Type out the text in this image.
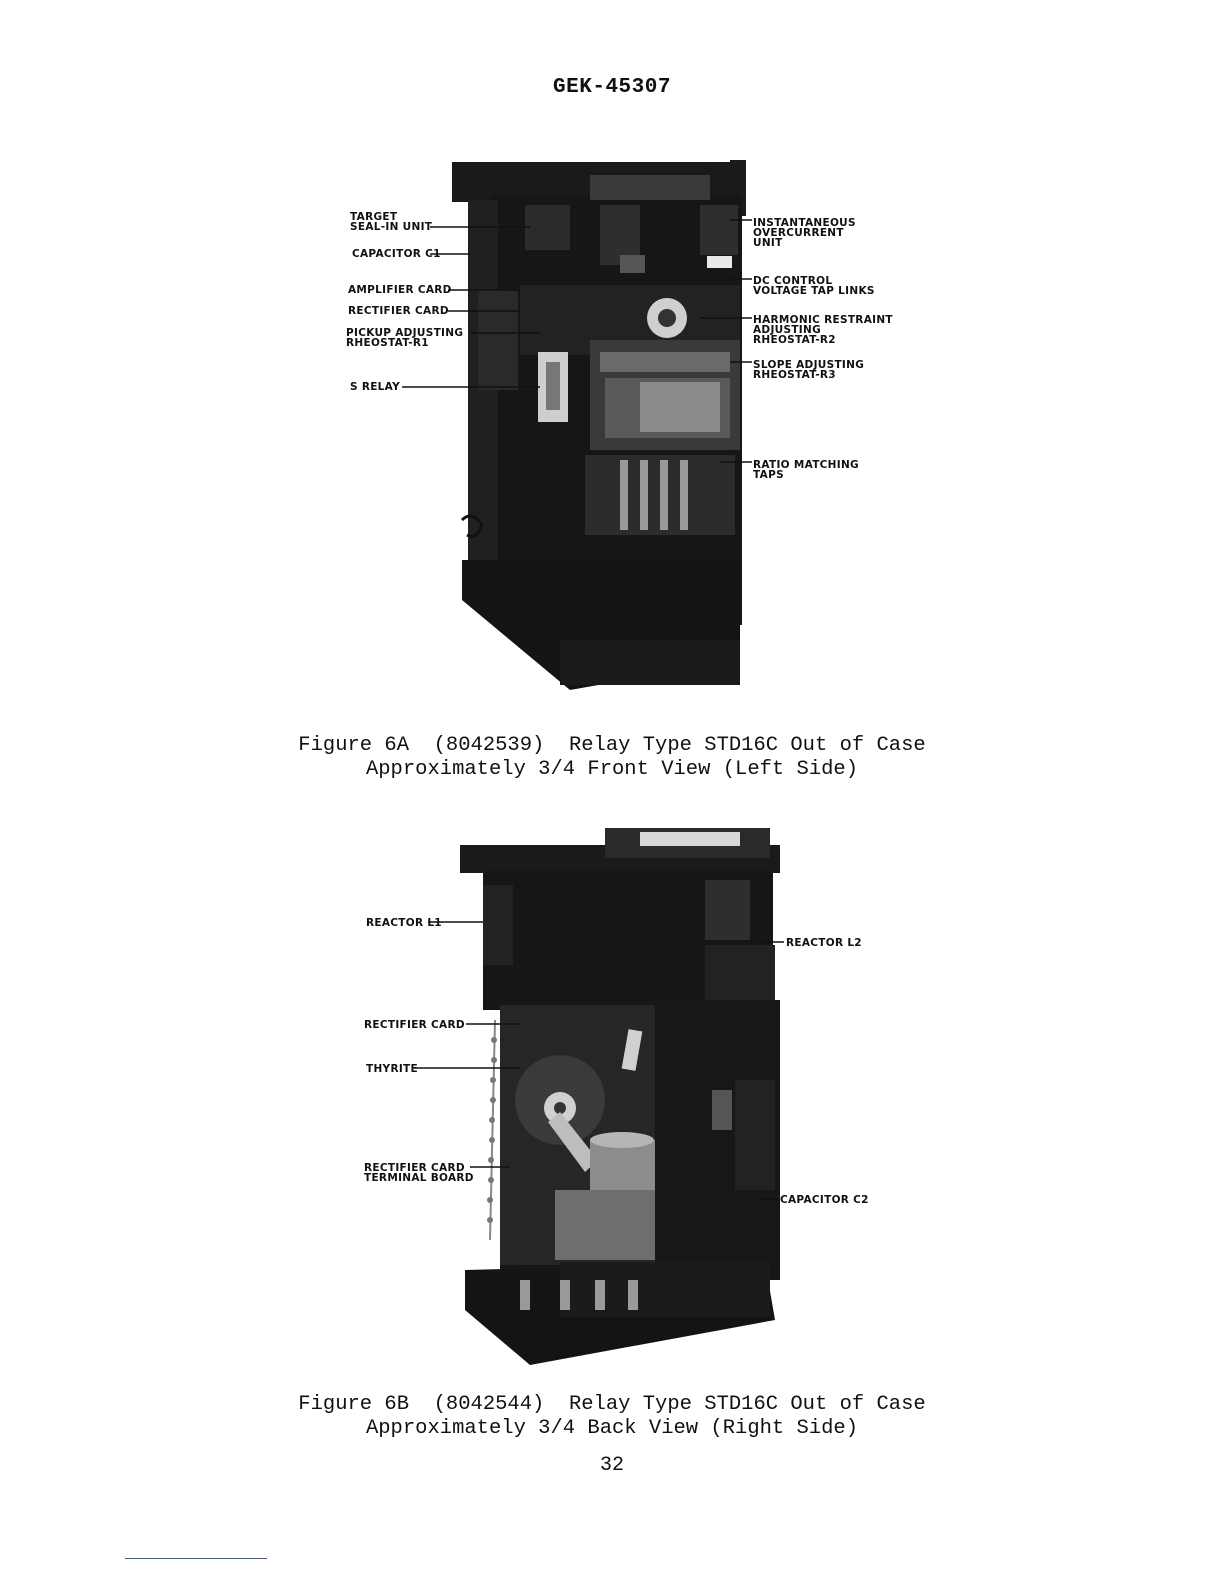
GEK-45307
TARGET
SEAL-IN UNIT
CAPACITOR C1
AMPLIFIER CARD
RECTIFIER CARD
PICKUP ADJUSTING
RHEOSTAT-R1
S RELAY
INSTANTANEOUS
OVERCURRENT
UNIT
DC CONTROL
VOLTAGE TAP LINKS
HARMONIC RESTRAINT
ADJUSTING
RHEOSTAT-R2
SLOPE ADJUSTING
RHEOSTAT-R3
RATIO MATCHING
TAPS
Figure 6A  (8042539)  Relay Type STD16C Out of Case
Approximately 3/4 Front View (Left Side)
REACTOR L1
REACTOR L2
RECTIFIER CARD
THYRITE
RECTIFIER CARD
TERMINAL BOARD
CAPACITOR C2
Figure 6B  (8042544)  Relay Type STD16C Out of Case
Approximately 3/4 Back View (Right Side)
32
